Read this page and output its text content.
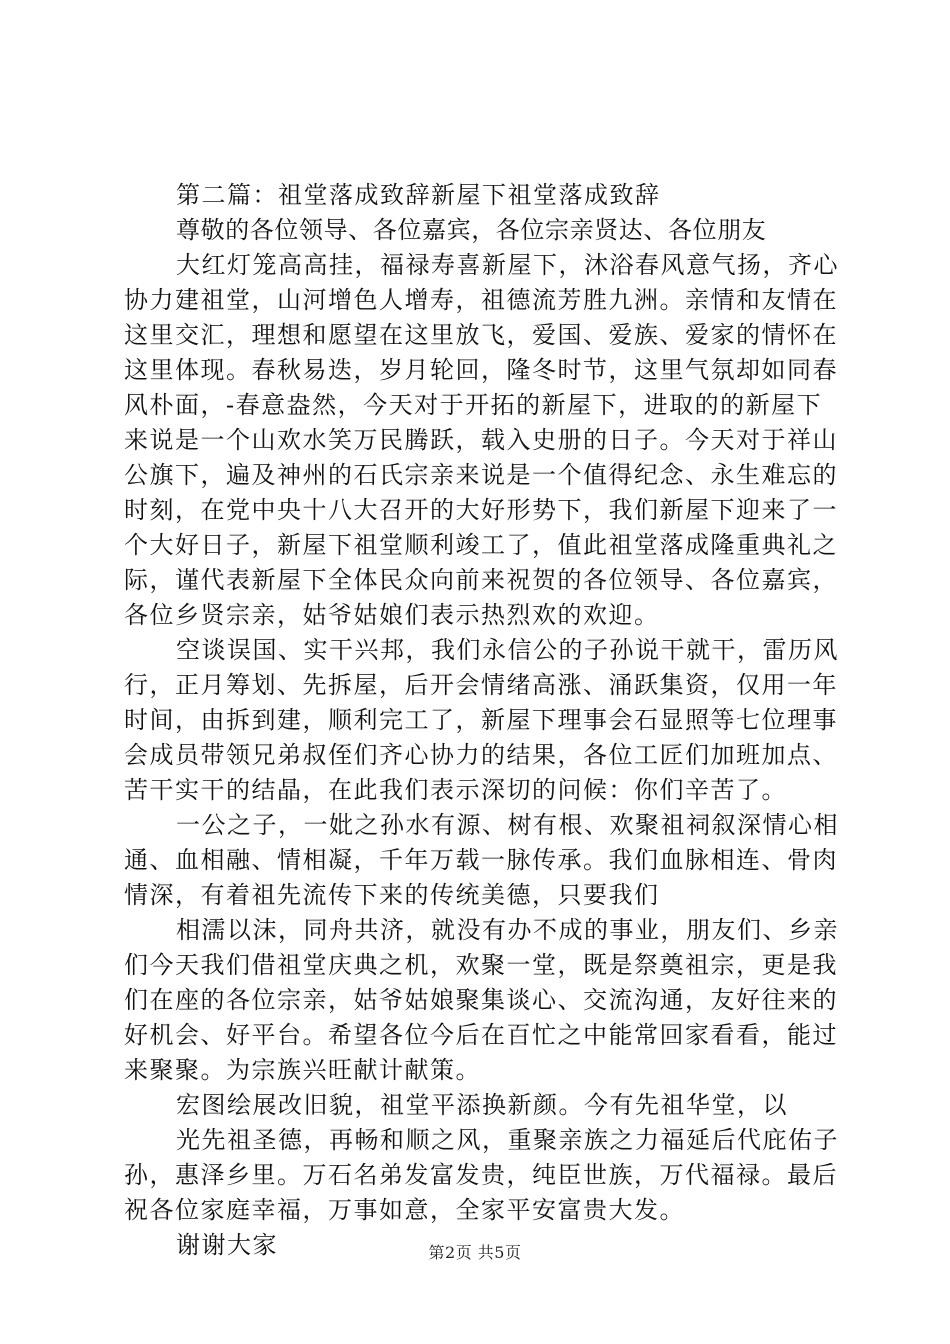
第二篇：祖堂落成致辞新屋下祖堂落成致辞

尊敬的各位领导、各位嘉宾，各位宗亲贤达、各位朋友

大红灯笼高高挂，福禄寿喜新屋下，沐浴春风意气扬，齐心协力建祖堂，山河增色人增寿，祖德流芳胜九洲。亲情和友情在这里交汇，理想和愿望在这里放飞，爱国、爱族、爱家的情怀在这里体现。春秋易迭，岁月轮回，隆冬时节，这里气氛却如同春风朴面，-春意盎然，今天对于开拓的新屋下，进取的的新屋下来说是一个山欢水笑万民腾跃，载入史册的日子。今天对于祥山公旗下，遍及神州的石氏宗亲来说是一个值得纪念、永生难忘的时刻，在党中央十八大召开的大好形势下，我们新屋下迎来了一个大好日子，新屋下祖堂顺利竣工了，值此祖堂落成隆重典礼之际，谨代表新屋下全体民众向前来祝贺的各位领导、各位嘉宾，各位乡贤宗亲，姑爷姑娘们表示热烈欢的欢迎。

空谈误国、实干兴邦，我们永信公的子孙说干就干，雷历风行，正月筹划、先拆屋，后开会情绪高涨、涌跃集资，仅用一年时间，由拆到建，顺利完工了，新屋下理事会石显照等七位理事会成员带领兄弟叔侄们齐心协力的结果，各位工匠们加班加点、苦干实干的结晶，在此我们表示深切的问候：你们辛苦了。

一公之子，一妣之孙水有源、树有根、欢聚祖祠叙深情心相通、血相融、情相凝，千年万载一脉传承。我们血脉相连、骨肉情深，有着祖先流传下来的传统美德，只要我们

相濡以沫，同舟共济，就没有办不成的事业，朋友们、乡亲们今天我们借祖堂庆典之机，欢聚一堂，既是祭奠祖宗，更是我们在座的各位宗亲，姑爷姑娘聚集谈心、交流沟通，友好往来的好机会、好平台。希望各位今后在百忙之中能常回家看看，能过来聚聚。为宗族兴旺献计献策。

宏图绘展改旧貌，祖堂平添换新颜。今有先祖华堂，以

光先祖圣德，再畅和顺之风，重聚亲族之力福延后代庇佑子孙，惠泽乡里。万石名弟发富发贵，纯臣世族，万代福禄。最后祝各位家庭幸福，万事如意，全家平安富贵大发。

谢谢大家	第2页 共5页
